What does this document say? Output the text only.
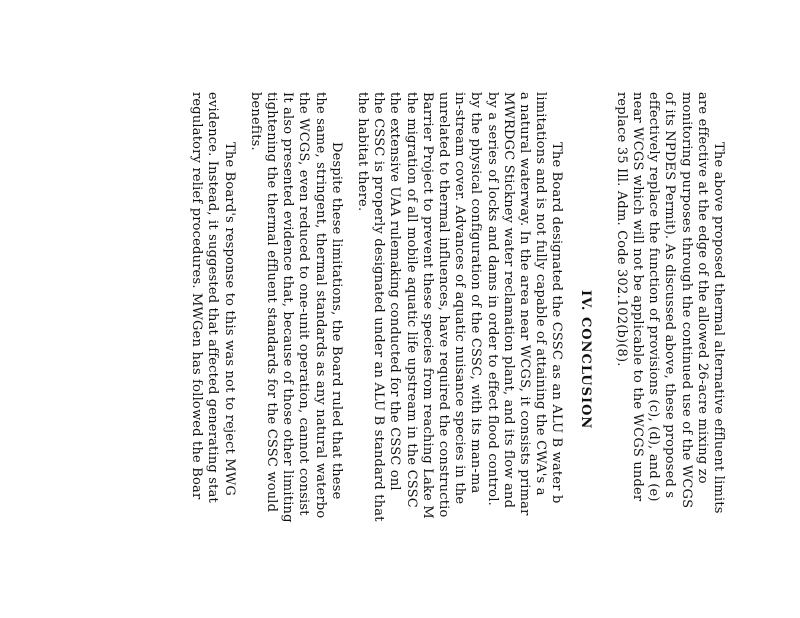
The above proposed thermal alternative effluent limits
are effective at the edge of the allowed 26-acre mixing zo
monitoring purposes through the continued use of the WCGS
of its NPDES Permit). As discussed above, these proposed s
effectively replace the function of provisions (c), (d), and (e)
near WCGS which will not be applicable to the WCGS under
replace 35 Ill. Adm. Code 302.102(b)(8).
IV. CONCLUSION
The Board designated the CSSC as an ALU B water b
limitations and is not fully capable of attaining the CWA's a
a natural waterway. In the area near WCGS, it consists primar
MWRDGC Stickney water reclamation plant, and its flow and
by a series of locks and dams in order to effect flood control.
by the physical configuration of the CSSC, with its man-ma
in-stream cover. Advances of aquatic nuisance species in the
unrelated to thermal influences, have required the constructio
Barrier Project to prevent these species from reaching Lake M
the migration of all mobile aquatic life upstream in the CSSC
the extensive UAA rulemaking conducted for the CSSC onl
the CSSC is properly designated under an ALU B standard that
the habitat there.
Despite these limitations, the Board ruled that these
the same, stringent, thermal standards as any natural waterbo
the WCGS, even reduced to one-unit operation, cannot consist
It also presented evidence that, because of those other limiting
tightening the thermal effluent standards for the CSSC would
benefits.
The Board's response to this was not to reject MWG
evidence. Instead, it suggested that affected generating stat
regulatory relief procedures. MWGen has followed the Boar
